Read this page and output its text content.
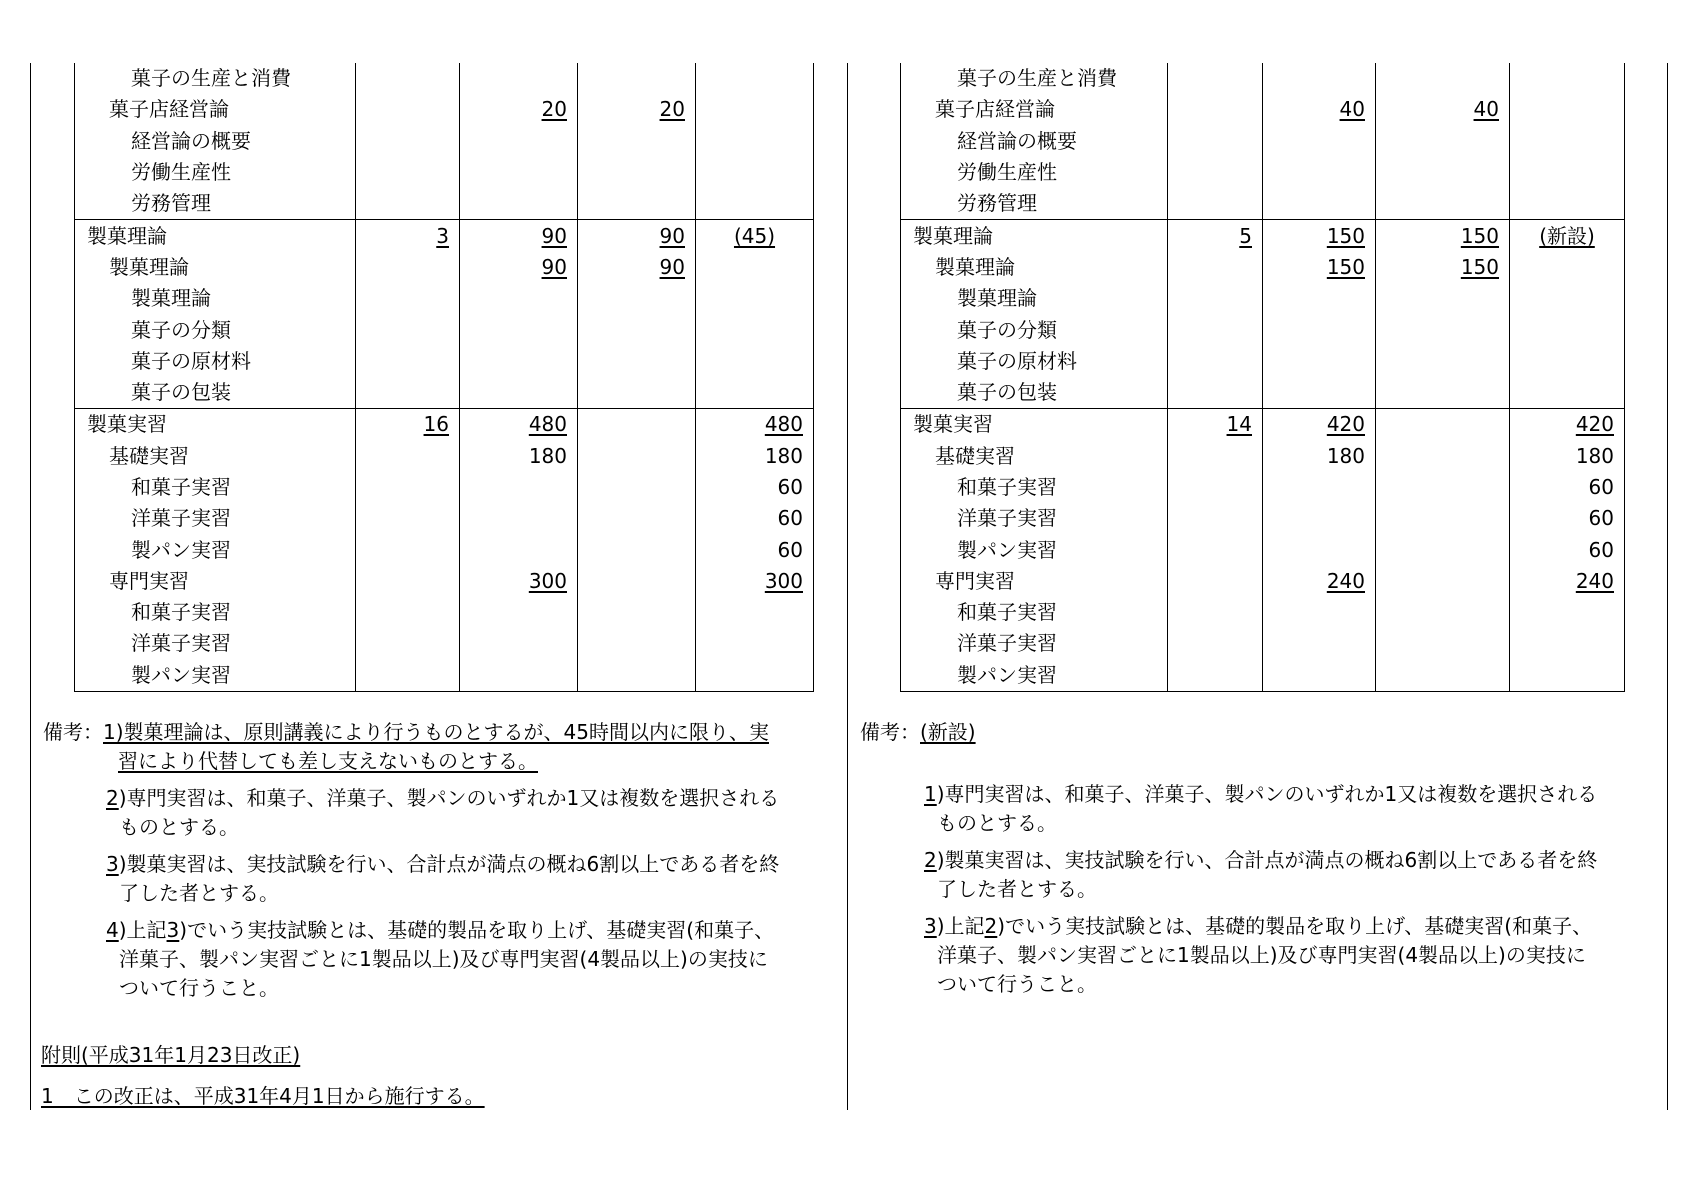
菓子の生産と消費				
菓子店経営論		20	20	
経営論の概要				
労働生産性				
労務管理				
製菓理論	3	90	90	(45)
製菓理論		90	90	
製菓理論				
菓子の分類				
菓子の原材料				
菓子の包装				
製菓実習	16	480		480
基礎実習		180		180
和菓子実習				60
洋菓子実習				60
製パン実習				60
専門実習		300		300
和菓子実習				
洋菓子実習				
製パン実習				
菓子の生産と消費				
菓子店経営論		40	40	
経営論の概要				
労働生産性				
労務管理				
製菓理論	5	150	150	(新設)
製菓理論		150	150	
製菓理論				
菓子の分類				
菓子の原材料				
菓子の包装				
製菓実習	14	420		420
基礎実習		180		180
和菓子実習				60
洋菓子実習				60
製パン実習				60
専門実習		240		240
和菓子実習				
洋菓子実習				
製パン実習				
備考：1)製菓理論は、原則講義により行うものとするが、45時間以内に限り、実
習により代替しても差し支えないものとする。
2)専門実習は、和菓子、洋菓子、製パンのいずれか1又は複数を選択される
ものとする。
3)製菓実習は、実技試験を行い、合計点が満点の概ね6割以上である者を終
了した者とする。
4)上記3)でいう実技試験とは、基礎的製品を取り上げ、基礎実習(和菓子、
洋菓子、製パン実習ごとに1製品以上)及び専門実習(4製品以上)の実技に
ついて行うこと。
備考：(新設)
1)専門実習は、和菓子、洋菓子、製パンのいずれか1又は複数を選択される
ものとする。
2)製菓実習は、実技試験を行い、合計点が満点の概ね6割以上である者を終
了した者とする。
3)上記2)でいう実技試験とは、基礎的製品を取り上げ、基礎実習(和菓子、
洋菓子、製パン実習ごとに1製品以上)及び専門実習(4製品以上)の実技に
ついて行うこと。
附則(平成31年1月23日改正)
1　この改正は、平成31年4月1日から施行する。
